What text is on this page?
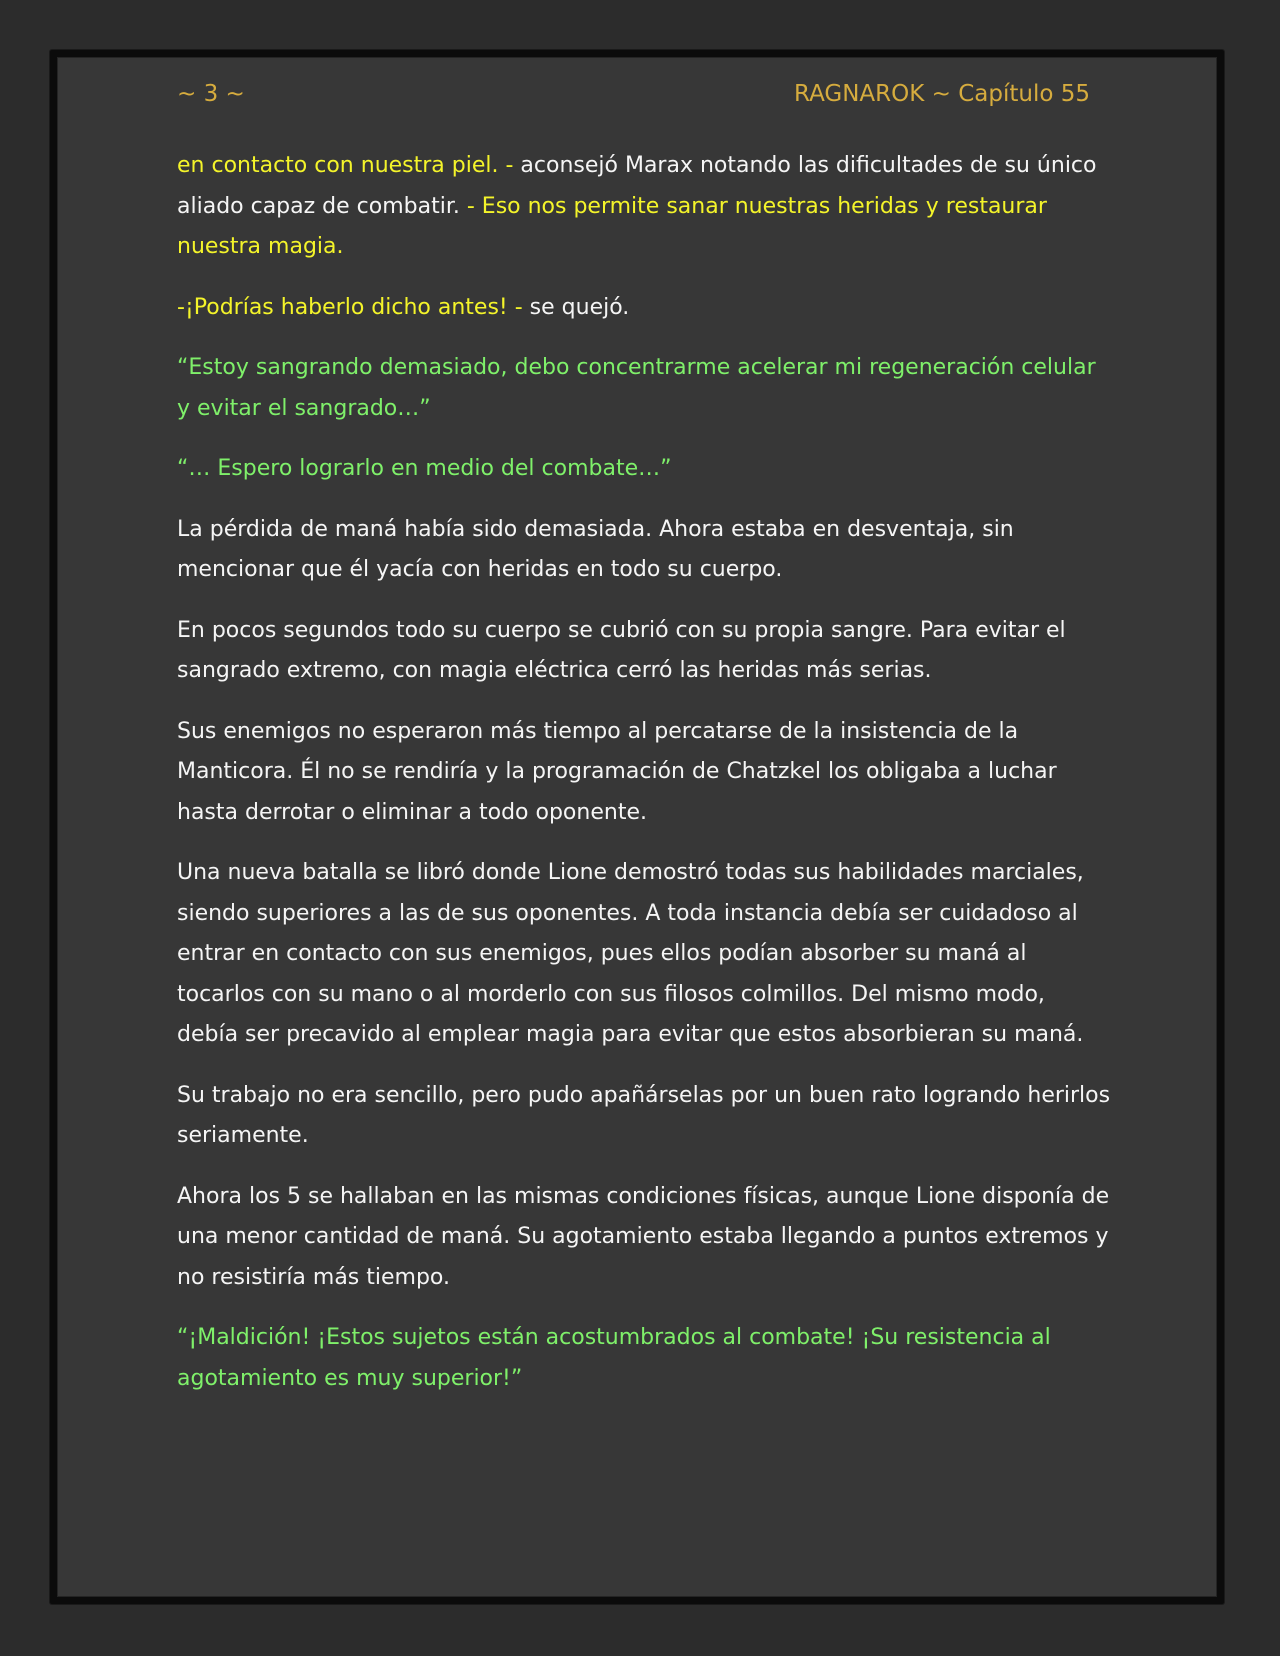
~ 3 ~	RAGNAROK ~ Capítulo 55

en contacto con nuestra piel. - aconsejó Marax notando las dificultades de su único aliado capaz de combatir. - Eso nos permite sanar nuestras heridas y restaurar nuestra magia.

-¡Podrías haberlo dicho antes! - se quejó.

“Estoy sangrando demasiado, debo concentrarme acelerar mi regeneración celular y evitar el sangrado…”

“… Espero lograrlo en medio del combate…”

La pérdida de maná había sido demasiada. Ahora estaba en desventaja, sin mencionar que él yacía con heridas en todo su cuerpo.

En pocos segundos todo su cuerpo se cubrió con su propia sangre. Para evitar el sangrado extremo, con magia eléctrica cerró las heridas más serias.

Sus enemigos no esperaron más tiempo al percatarse de la insistencia de la Manticora. Él no se rendiría y la programación de Chatzkel los obligaba a luchar hasta derrotar o eliminar a todo oponente.

Una nueva batalla se libró donde Lione demostró todas sus habilidades marciales, siendo superiores a las de sus oponentes. A toda instancia debía ser cuidadoso al entrar en contacto con sus enemigos, pues ellos podían absorber su maná al tocarlos con su mano o al morderlo con sus filosos colmillos. Del mismo modo, debía ser precavido al emplear magia para evitar que estos absorbieran su maná.

Su trabajo no era sencillo, pero pudo apañárselas por un buen rato logrando herirlos seriamente.

Ahora los 5 se hallaban en las mismas condiciones físicas, aunque Lione disponía de una menor cantidad de maná. Su agotamiento estaba llegando a puntos extremos y no resistiría más tiempo.

“¡Maldición! ¡Estos sujetos están acostumbrados al combate! ¡Su resistencia al agotamiento es muy superior!”
